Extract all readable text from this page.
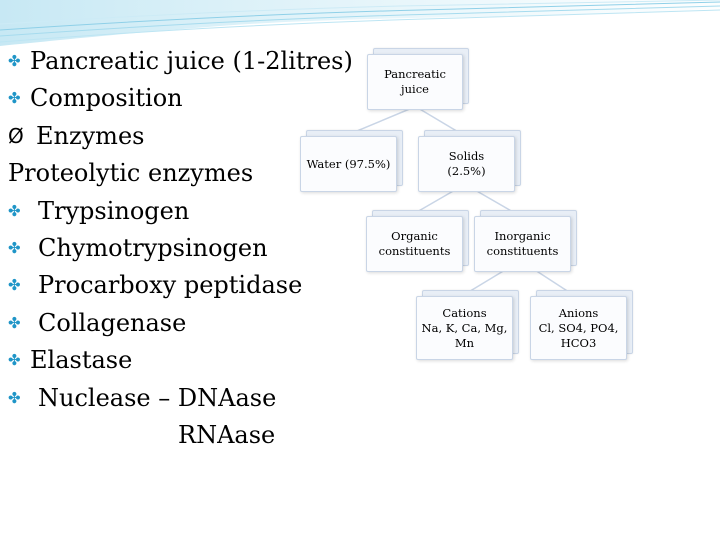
✤ Pancreatic juice (1-2litres)
✤ Composition
Ø Enzymes
Proteolytic enzymes
✤ Trypsinogen
✤ Chymotrypsinogen
✤ Procarboxy peptidase
✤ Collagenase
✤ Elastase
✤ Nuclease – DNAase
RNAase
Pancreatic
juice
Water (97.5%)
Solids
(2.5%)
Organic
constituents
Inorganic
constituents
Cations
Na, K, Ca, Mg,
Mn
Anions
Cl, SO4, PO4,
HCO3
